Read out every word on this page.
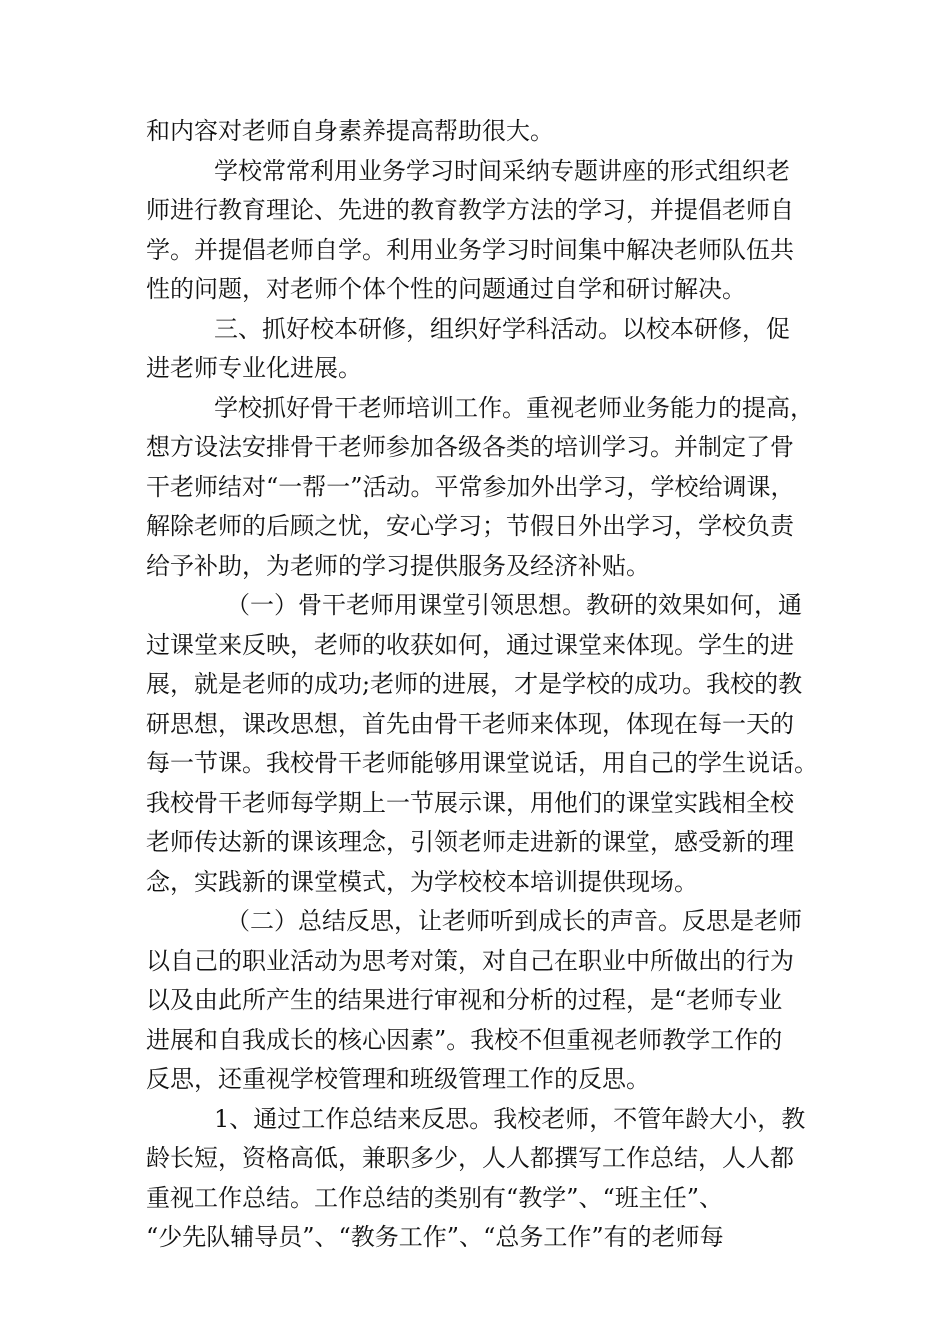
和内容对老师自身素养提高帮助很大。
学校常常利用业务学习时间采纳专题讲座的形式组织老
师进行教育理论、先进的教育教学方法的学习，并提倡老师自
学。并提倡老师自学。利用业务学习时间集中解决老师队伍共
性的问题，对老师个体个性的问题通过自学和研讨解决。
三、抓好校本研修，组织好学科活动。以校本研修，促
进老师专业化进展。
学校抓好骨干老师培训工作。重视老师业务能力的提高，
想方设法安排骨干老师参加各级各类的培训学习。并制定了骨
干老师结对“一帮一”活动。平常参加外出学习，学校给调课，
解除老师的后顾之忧，安心学习；节假日外出学习，学校负责
给予补助，为老师的学习提供服务及经济补贴。
（一）骨干老师用课堂引领思想。教研的效果如何，通
过课堂来反映，老师的收获如何，通过课堂来体现。学生的进
展，就是老师的成功;老师的进展，才是学校的成功。我校的教
研思想，课改思想，首先由骨干老师来体现，体现在每一天的
每一节课。我校骨干老师能够用课堂说话，用自己的学生说话。
我校骨干老师每学期上一节展示课，用他们的课堂实践相全校
老师传达新的课该理念，引领老师走进新的课堂，感受新的理
念，实践新的课堂模式，为学校校本培训提供现场。
（二）总结反思，让老师听到成长的声音。反思是老师
以自己的职业活动为思考对策，对自己在职业中所做出的行为
以及由此所产生的结果进行审视和分析的过程，是“老师专业
进展和自我成长的核心因素”。我校不但重视老师教学工作的
反思，还重视学校管理和班级管理工作的反思。
1、通过工作总结来反思。我校老师，不管年龄大小，教
龄长短，资格高低，兼职多少，人人都撰写工作总结，人人都
重视工作总结。工作总结的类别有“教学”、“班主任”、
“少先队辅导员”、“教务工作”、“总务工作”有的老师每
